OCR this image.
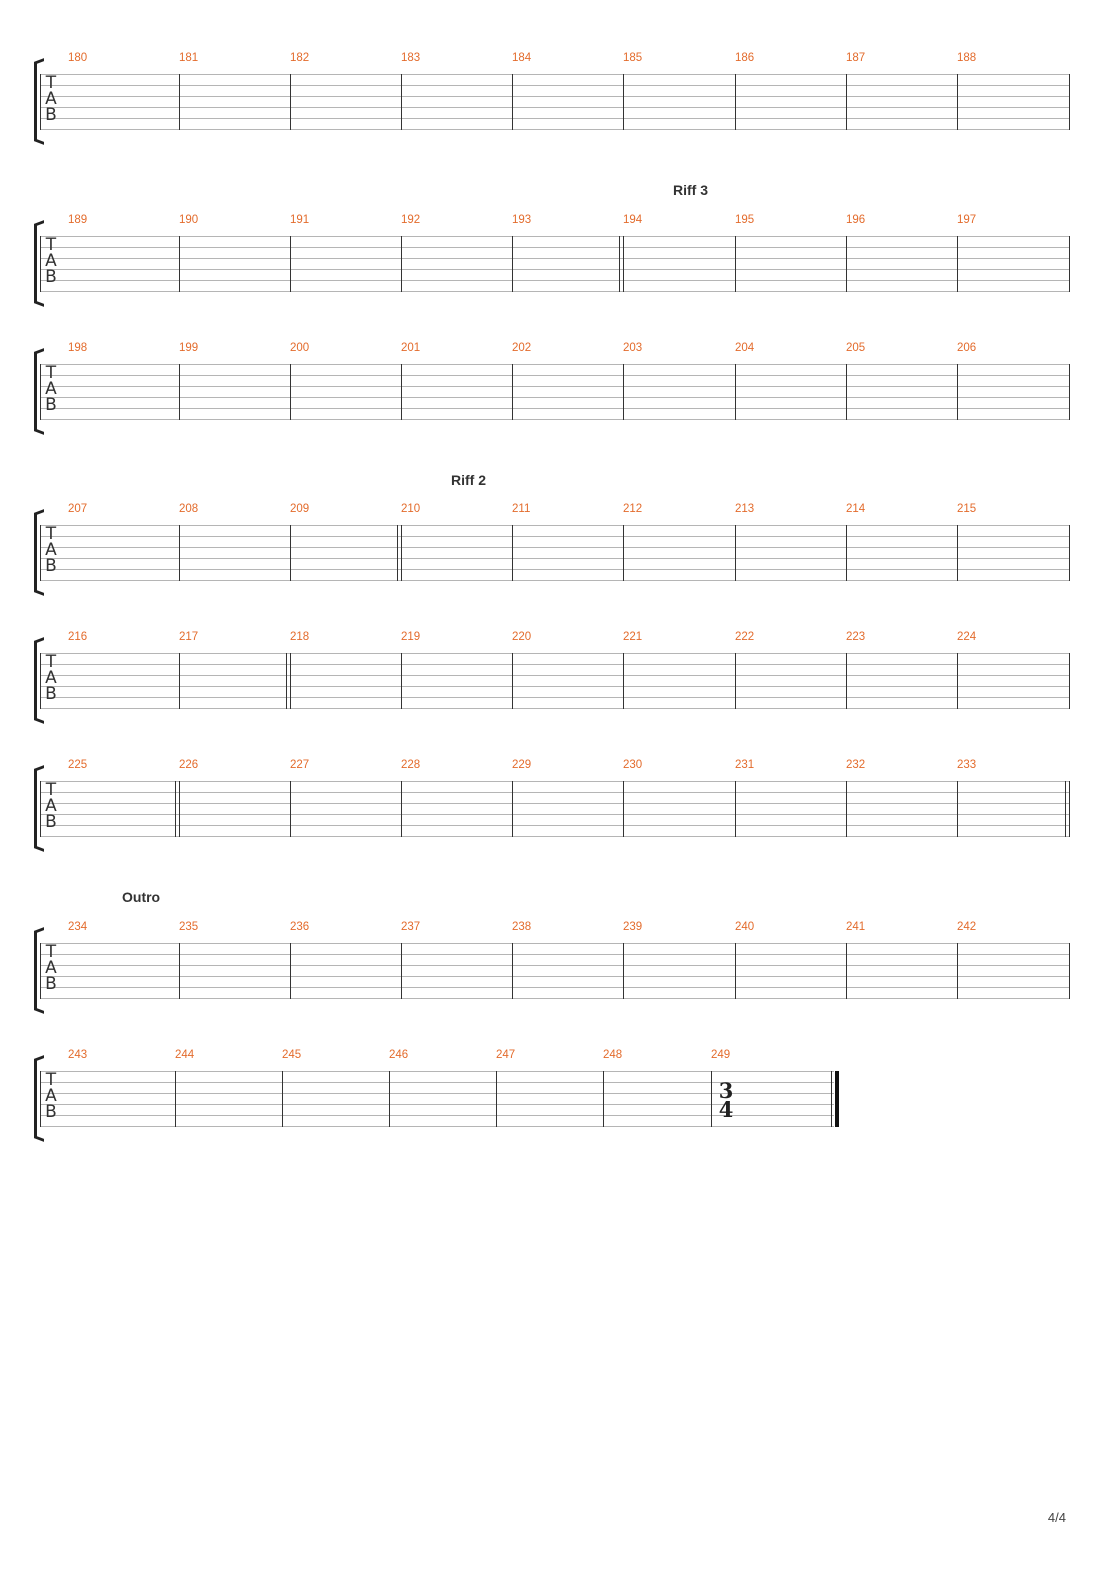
T
A
B
180	181	182	183	184	185	186	187	188
T
A
B
189	190	191	192	193	194	195	196	197
Riff 3
T
A
B
198	199	200	201	202	203	204	205	206
T
A
B
207	208	209	210	211	212	213	214	215
Riff 2
T
A
B
216	217	218	219	220	221	222	223	224
T
A
B
225	226	227	228	229	230	231	232	233
T
A
B
234	235	236	237	238	239	240	241	242
Outro
T
A
B
243	244	245	246	247	248	249
3
4
4/4
